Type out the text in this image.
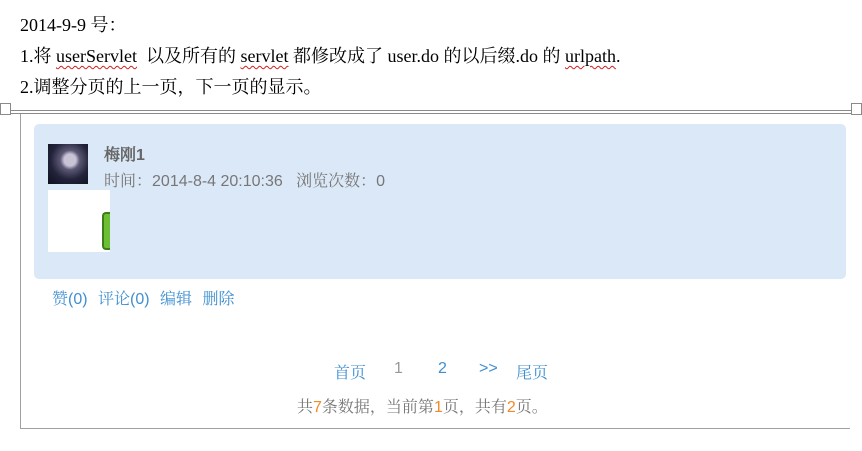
2014-9-9 号：
1.将 userServlet  以及所有的 servlet 都修改成了 user.do 的以后缀.do 的 urlpath.
2.调整分页的上一页，下一页的显示。
梅刚1
时间：2014-8-4 20:10:36 浏览次数：0
赞(0) 评论(0) 编辑 删除
首页 1 2 >> 尾页
共7条数据，当前第1页，共有2页。
